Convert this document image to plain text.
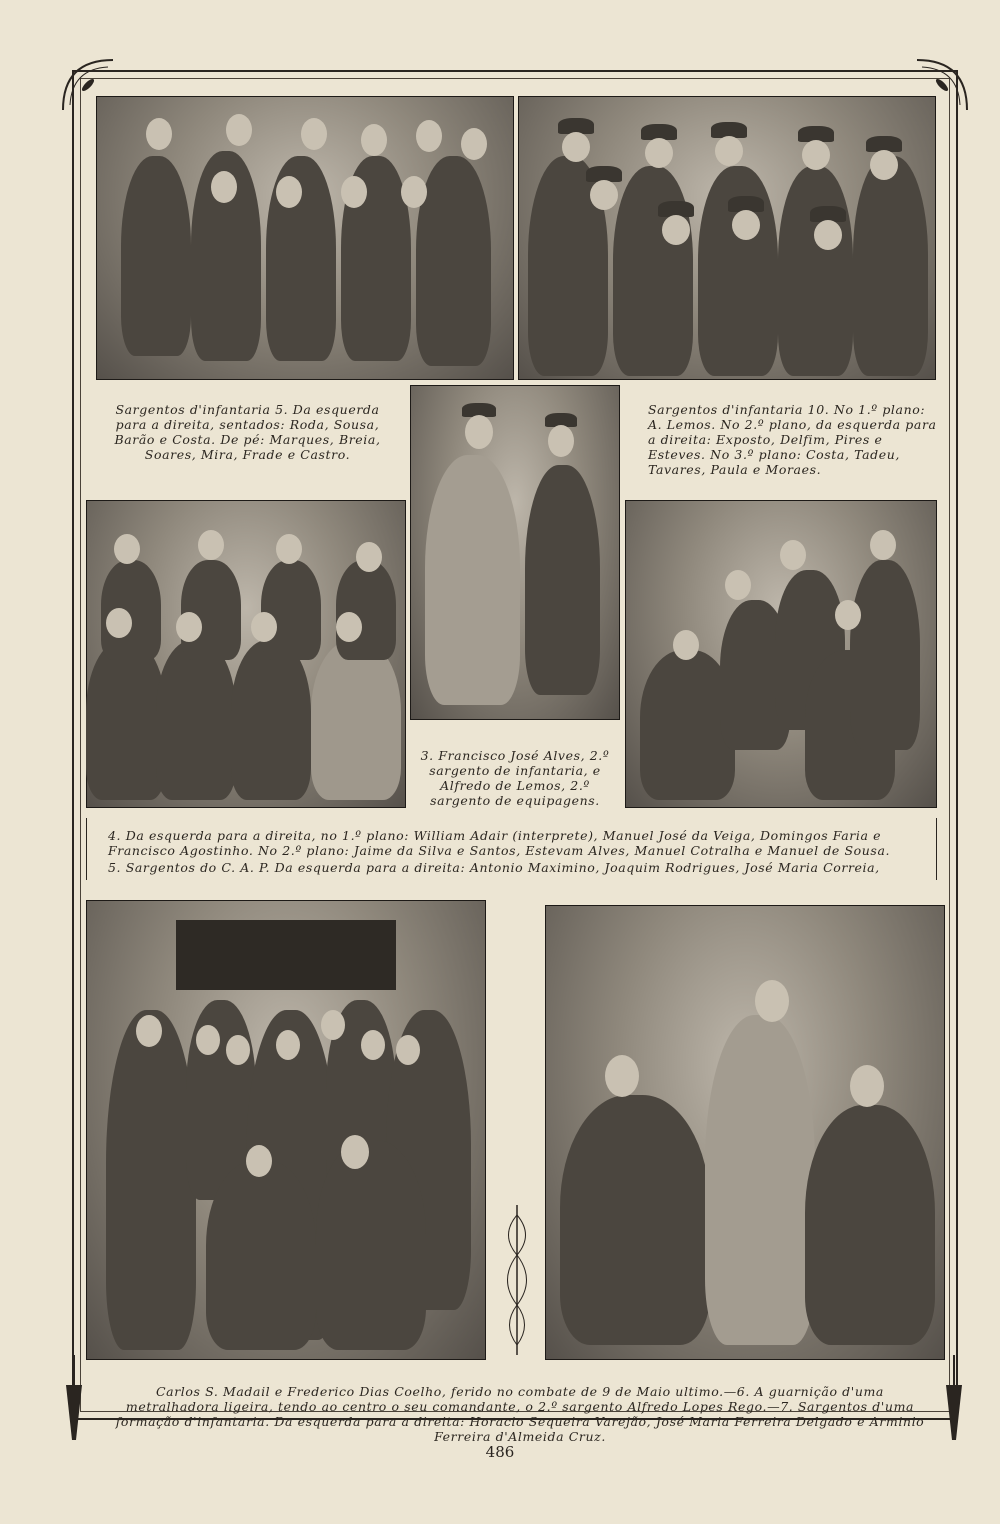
Sargentos d'infantaria 5. Da esquerda para a direita, sentados: Roda, Sousa, Barão e Costa. De pé: Marques, Breia, Soares, Mira, Frade e Castro.
Sargentos d'infantaria 10. No 1.º plano: A. Lemos. No 2.º plano, da esquerda para a direita: Exposto, Delfim, Pires e Esteves. No 3.º plano: Costa, Tadeu, Tavares, Paula e Moraes.
3. Francisco José Alves, 2.º sargento de infantaria, e Alfredo de Lemos, 2.º sargento de equipagens.
4. Da esquerda para a direita, no 1.º plano: William Adair (interprete), Manuel José da Veiga, Domingos Faria e Francisco Agostinho. No 2.º plano: Jaime da Silva e Santos, Estevam Alves, Manuel Cotralha e Manuel de Sousa.
5. Sargentos do C. A. P. Da esquerda para a direita: Antonio Maximino, Joaquim Rodrigues, José Maria Correia,
Carlos S. Madail e Frederico Dias Coelho, ferido no combate de 9 de Maio ultimo.—6. A guarnição d'uma metralhadora ligeira, tendo ao centro o seu comandante, o 2.º sargento Alfredo Lopes Rego.—7. Sargentos d'uma formação d'infantaria. Da esquerda para a direita: Horacio Sequeira Varejão, José Maria Ferreira Delgado e Arminio Ferreira d'Almeida Cruz.
486
